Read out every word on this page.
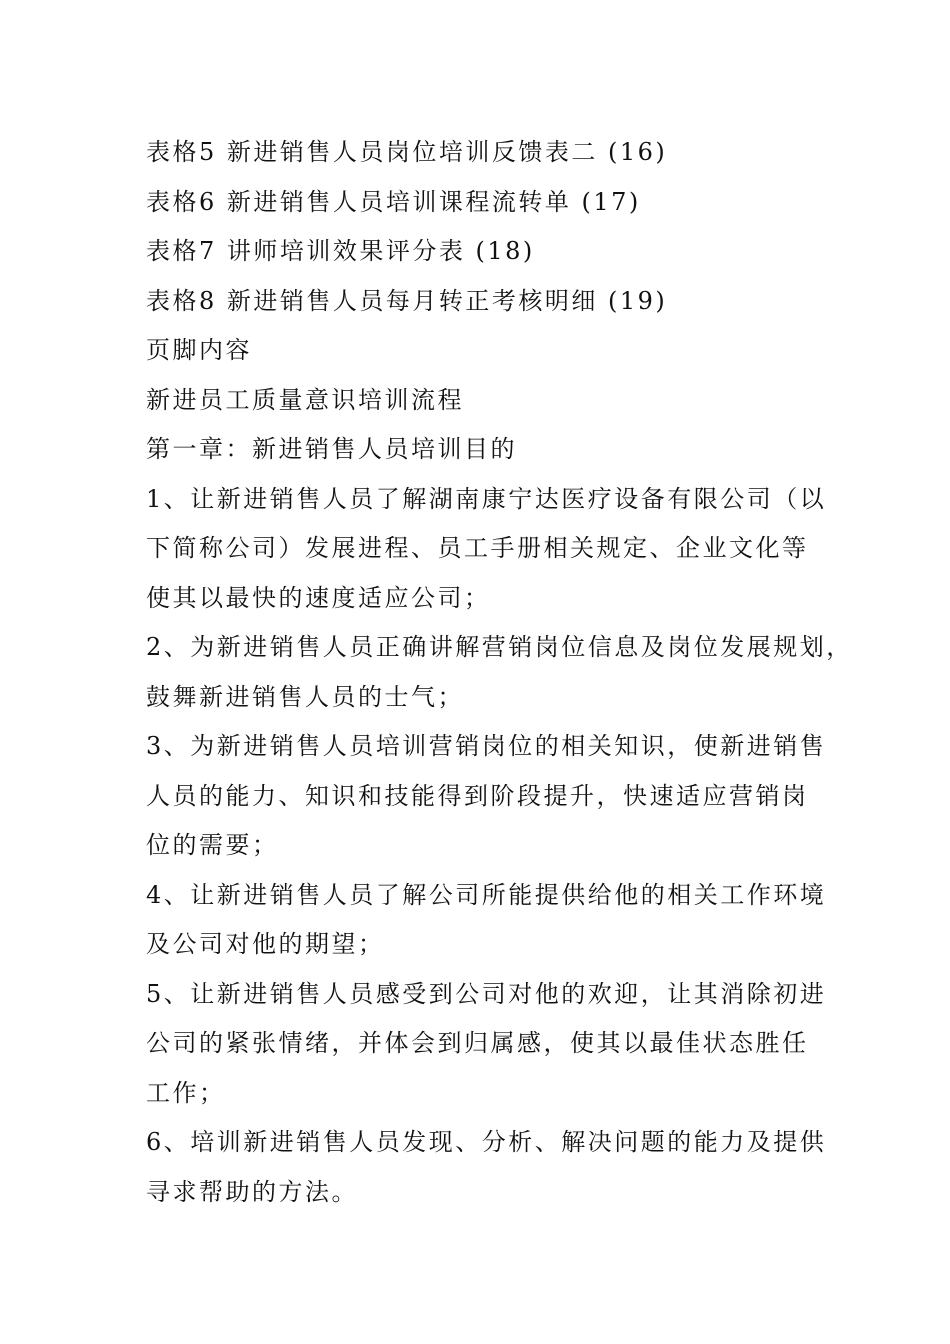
表格5 新进销售人员岗位培训反馈表二 (16)
表格6 新进销售人员培训课程流转单 (17)
表格7 讲师培训效果评分表 (18)
表格8 新进销售人员每月转正考核明细 (19)
页脚内容
新进员工质量意识培训流程
第一章：新进销售人员培训目的
1、让新进销售人员了解湖南康宁达医疗设备有限公司（以
下简称公司）发展进程、员工手册相关规定、企业文化等
使其以最快的速度适应公司；
2、为新进销售人员正确讲解营销岗位信息及岗位发展规划，
鼓舞新进销售人员的士气；
3、为新进销售人员培训营销岗位的相关知识，使新进销售
人员的能力、知识和技能得到阶段提升，快速适应营销岗
位的需要；
4、让新进销售人员了解公司所能提供给他的相关工作环境
及公司对他的期望；
5、让新进销售人员感受到公司对他的欢迎，让其消除初进
公司的紧张情绪，并体会到归属感，使其以最佳状态胜任
工作；
6、培训新进销售人员发现、分析、解决问题的能力及提供
寻求帮助的方法。
